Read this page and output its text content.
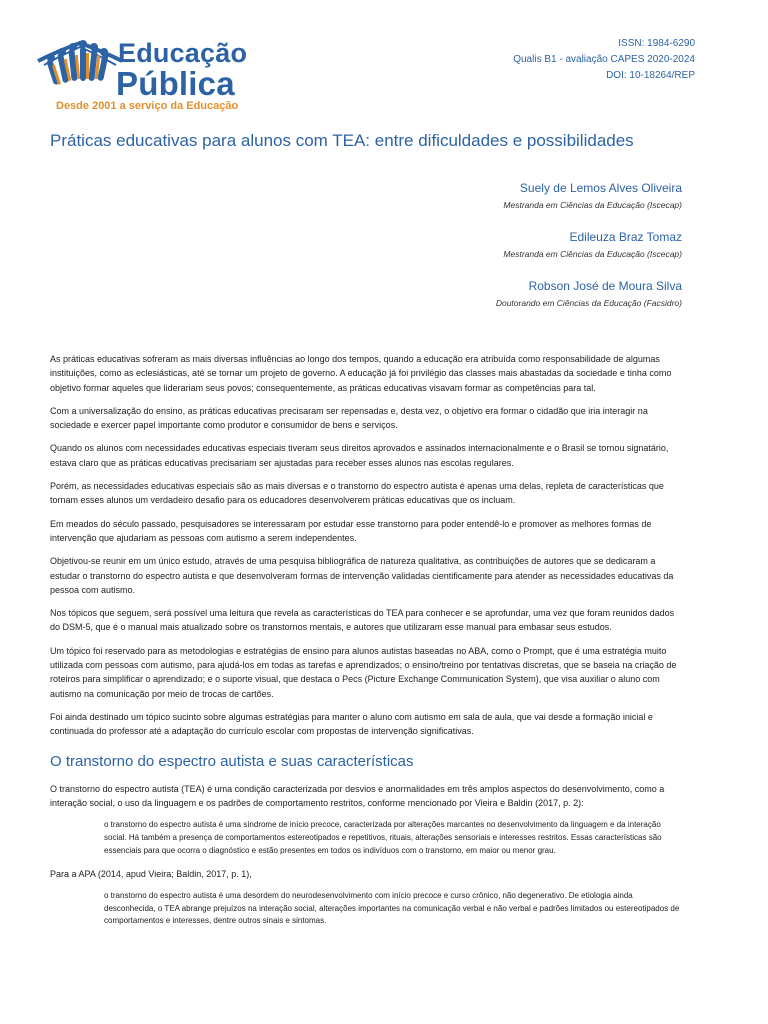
Educação
Pública
Desde 2001 a serviço da Educação
ISSN: 1984-6290
Qualis B1 - avaliação CAPES 2020-2024
DOI: 10-18264/REP
Práticas educativas para alunos com TEA: entre dificuldades e possibilidades
Suely de Lemos Alves Oliveira
Mestranda em Ciências da Educação (Iscecap)
Edileuza Braz Tomaz
Mestranda em Ciências da Educação (Iscecap)
Robson José de Moura Silva
Doutorando em Ciências da Educação (Facsidro)

As práticas educativas sofreram as mais diversas influências ao longo dos tempos, quando a educação era atribuída como responsabilidade de algumas instituições, como as eclesiásticas, até se tornar um projeto de governo. A educação já foi privilégio das classes mais abastadas da sociedade e tinha como objetivo formar aqueles que liderariam seus povos; consequentemente, as práticas educativas visavam formar as competências para tal.

Com a universalização do ensino, as práticas educativas precisaram ser repensadas e, desta vez, o objetivo era formar o cidadão que iria interagir na sociedade e exercer papel importante como produtor e consumidor de bens e serviços.

Quando os alunos com necessidades educativas especiais tiveram seus direitos aprovados e assinados internacionalmente e o Brasil se tornou signatário, estava claro que as práticas educativas precisariam ser ajustadas para receber esses alunos nas escolas regulares.

Porém, as necessidades educativas especiais são as mais diversas e o transtorno do espectro autista é apenas uma delas, repleta de características que tornam esses alunos um verdadeiro desafio para os educadores desenvolverem práticas educativas que os incluam.

Em meados do século passado, pesquisadores se interessaram por estudar esse transtorno para poder entendê-lo e promover as melhores formas de intervenção que ajudariam as pessoas com autismo a serem independentes.

Objetivou-se reunir em um único estudo, através de uma pesquisa bibliográfica de natureza qualitativa, as contribuições de autores que se dedicaram a estudar o transtorno do espectro autista e que desenvolveram formas de intervenção validadas cientificamente para atender as necessidades educativas da pessoa com autismo.

Nos tópicos que seguem, será possível uma leitura que revela as características do TEA para conhecer e se aprofundar, uma vez que foram reunidos dados do DSM-5, que é o manual mais atualizado sobre os transtornos mentais, e autores que utilizaram esse manual para embasar seus estudos.

Um tópico foi reservado para as metodologias e estratégias de ensino para alunos autistas baseadas no ABA, como o Prompt, que é uma estratégia muito utilizada com pessoas com autismo, para ajudá-los em todas as tarefas e aprendizados; o ensino/treino por tentativas discretas, que se baseia na criação de roteiros para simplificar o aprendizado; e o suporte visual, que destaca o Pecs (Picture Exchange Communication System), que visa auxiliar o aluno com autismo na comunicação por meio de trocas de cartões.

Foi ainda destinado um tópico sucinto sobre algumas estratégias para manter o aluno com autismo em sala de aula, que vai desde a formação inicial e continuada do professor até a adaptação do currículo escolar com propostas de intervenção significativas.

O transtorno do espectro autista e suas características

O transtorno do espectro autista (TEA) é uma condição caracterizada por desvios e anormalidades em três amplos aspectos do desenvolvimento, como a interação social, o uso da linguagem e os padrões de comportamento restritos, conforme mencionado por Vieira e Baldin (2017, p. 2):

o transtorno do espectro autista é uma síndrome de início precoce, caracterizada por alterações marcantes no desenvolvimento da linguagem e da interação social. Há também a presença de comportamentos estereotipados e repetitivos, rituais, alterações sensoriais e interesses restritos. Essas características são essenciais para que ocorra o diagnóstico e estão presentes em todos os indivíduos com o transtorno, em maior ou menor grau.

Para a APA (2014, apud Vieira; Baldin, 2017, p. 1),

o transtorno do espectro autista é uma desordem do neurodesenvolvimento com início precoce e curso crônico, não degenerativo. De etiologia ainda desconhecida, o TEA abrange prejuízos na interação social, alterações importantes na comunicação verbal e não verbal e padrões limitados ou estereotipados de comportamentos e interesses, dentre outros sinais e sintomas.
